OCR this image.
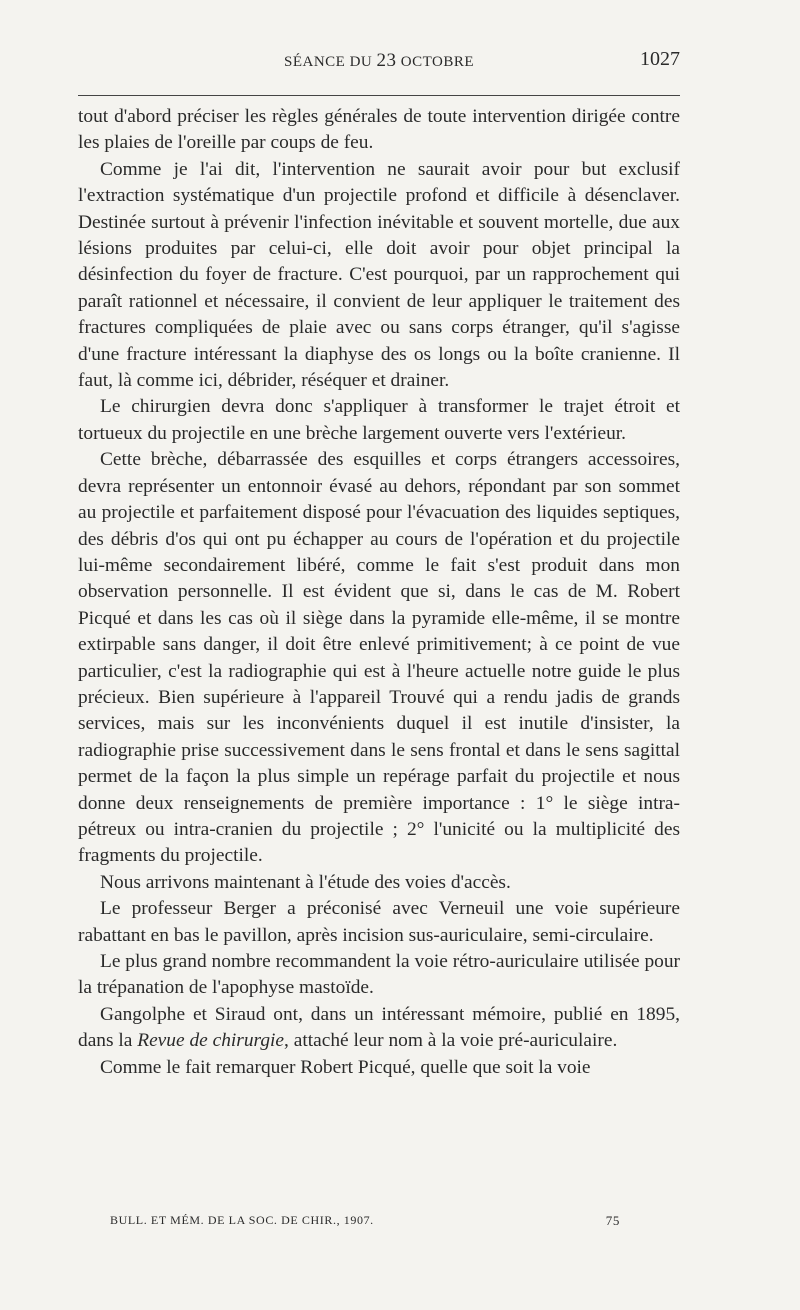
SÉANCE DU 23 OCTOBRE	1027

tout d'abord préciser les règles générales de toute intervention dirigée contre les plaies de l'oreille par coups de feu.

Comme je l'ai dit, l'intervention ne saurait avoir pour but exclusif l'extraction systématique d'un projectile profond et difficile à désenclaver. Destinée surtout à prévenir l'infection inévitable et souvent mortelle, due aux lésions produites par celui-ci, elle doit avoir pour objet principal la désinfection du foyer de fracture. C'est pourquoi, par un rapprochement qui paraît rationnel et nécessaire, il convient de leur appliquer le traitement des fractures compliquées de plaie avec ou sans corps étranger, qu'il s'agisse d'une fracture intéressant la diaphyse des os longs ou la boîte cranienne. Il faut, là comme ici, débrider, réséquer et drainer.

Le chirurgien devra donc s'appliquer à transformer le trajet étroit et tortueux du projectile en une brèche largement ouverte vers l'extérieur.

Cette brèche, débarrassée des esquilles et corps étrangers accessoires, devra représenter un entonnoir évasé au dehors, répondant par son sommet au projectile et parfaitement disposé pour l'évacuation des liquides septiques, des débris d'os qui ont pu échapper au cours de l'opération et du projectile lui-même secondairement libéré, comme le fait s'est produit dans mon observation personnelle. Il est évident que si, dans le cas de M. Robert Picqué et dans les cas où il siège dans la pyramide elle-même, il se montre extirpable sans danger, il doit être enlevé primitivement; à ce point de vue particulier, c'est la radiographie qui est à l'heure actuelle notre guide le plus précieux. Bien supérieure à l'appareil Trouvé qui a rendu jadis de grands services, mais sur les inconvénients duquel il est inutile d'insister, la radiographie prise successivement dans le sens frontal et dans le sens sagittal permet de la façon la plus simple un repérage parfait du projectile et nous donne deux renseignements de première importance : 1° le siège intra-pétreux ou intra-cranien du projectile ; 2° l'unicité ou la multiplicité des fragments du projectile.

Nous arrivons maintenant à l'étude des voies d'accès.

Le professeur Berger a préconisé avec Verneuil une voie supérieure rabattant en bas le pavillon, après incision sus-auriculaire, semi-circulaire.

Le plus grand nombre recommandent la voie rétro-auriculaire utilisée pour la trépanation de l'apophyse mastoïde.

Gangolphe et Siraud ont, dans un intéressant mémoire, publié en 1895, dans la Revue de chirurgie, attaché leur nom à la voie pré-auriculaire.

Comme le fait remarquer Robert Picqué, quelle que soit la voie

BULL. ET MÉM. DE LA SOC. DE CHIR., 1907.	75
